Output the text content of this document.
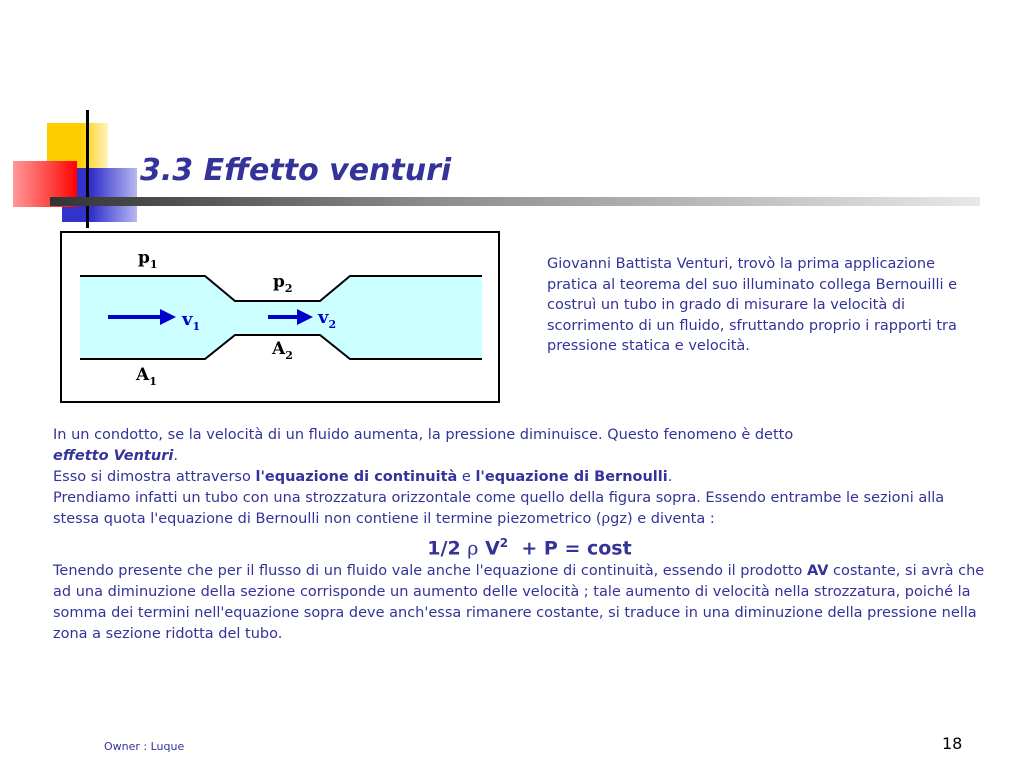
3.3 Effetto venturi
$p_1$
$p_2$
$v_1$	$v_2$
$A_2$
$A_1$
Giovanni Battista Venturi, trovò la prima applicazione pratica al teorema del suo illuminato collega Bernouilli e costruì un tubo in grado di misurare la velocità di scorrimento di un fluido, sfruttando proprio i rapporti tra pressione statica e velocità.

In un condotto, se la velocità di un fluido aumenta, la pressione diminuisce. Questo fenomeno è detto
effetto Venturi.
Esso si dimostra attraverso l'equazione di continuità e l'equazione di Bernoulli.
Prendiamo infatti un tubo con una strozzatura orizzontale come quello della figura sopra. Essendo entrambe le sezioni alla stessa quota l'equazione di Bernoulli non contiene il termine piezometrico (ρgz) e diventa :

1/2 ρ $V^2 + P = \cos t$

Tenendo presente che per il flusso di un fluido vale anche l'equazione di continuità, essendo il prodotto AV costante, si avrà che ad una diminuzione della sezione corrisponde un aumento delle velocità ; tale aumento di velocità nella strozzatura, poiché la somma dei termini nell'equazione sopra deve anch'essa rimanere costante, si traduce in una diminuzione della pressione nella zona a sezione ridotta del tubo.

Owner : Luque	18
